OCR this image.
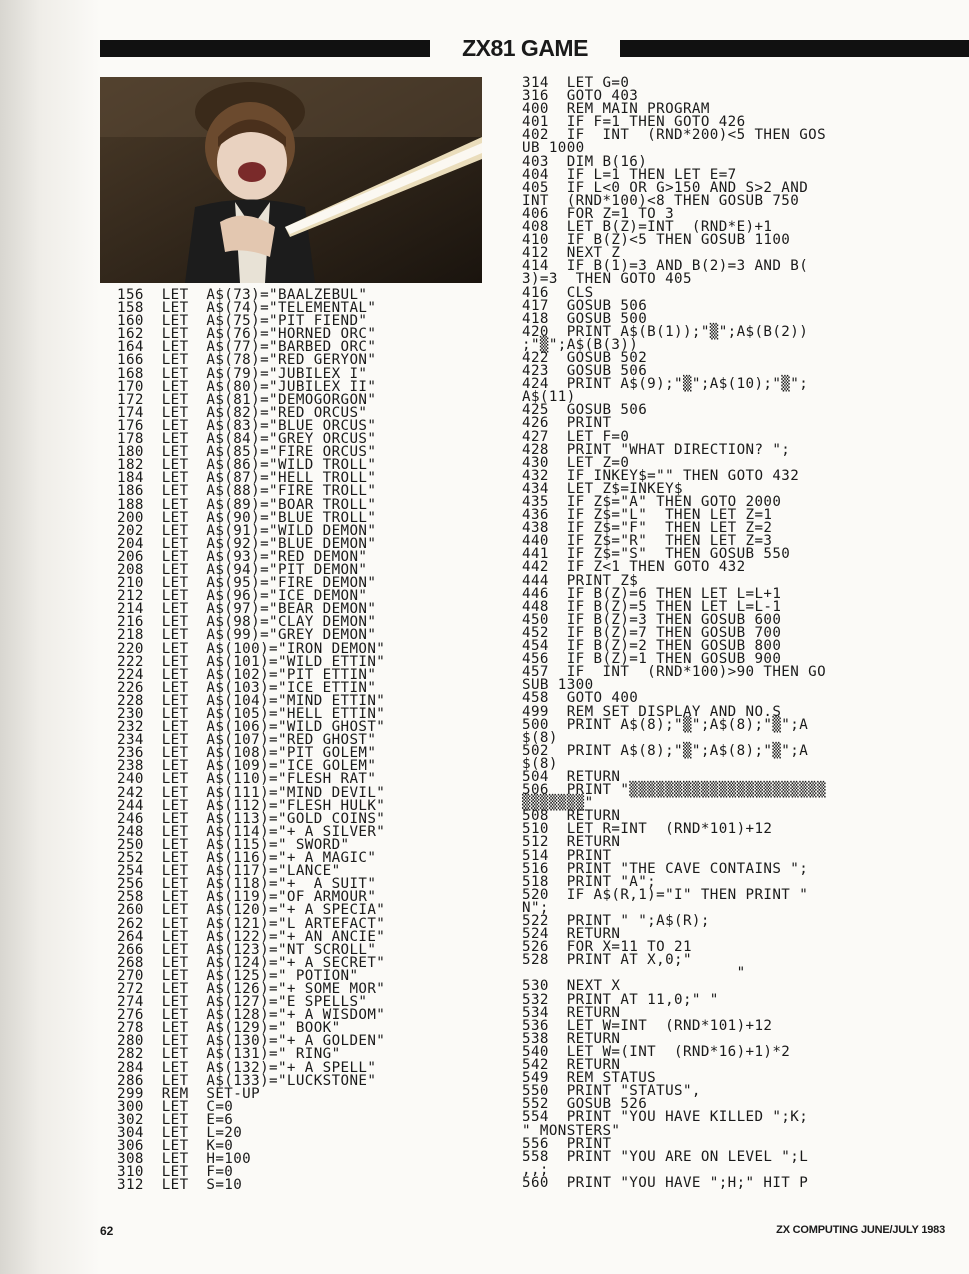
ZX81 GAME
156  LET  A$(73)="BAALZEBUL"
158  LET  A$(74)="TELEMENTAL"
160  LET  A$(75)="PIT FIEND"
162  LET  A$(76)="HORNED ORC"
164  LET  A$(77)="BARBED ORC"
166  LET  A$(78)="RED GERYON"
168  LET  A$(79)="JUBILEX I"
170  LET  A$(80)="JUBILEX II"
172  LET  A$(81)="DEMOGORGON"
174  LET  A$(82)="RED ORCUS"
176  LET  A$(83)="BLUE ORCUS"
178  LET  A$(84)="GREY ORCUS"
180  LET  A$(85)="FIRE ORCUS"
182  LET  A$(86)="WILD TROLL"
184  LET  A$(87)="HELL TROLL"
186  LET  A$(88)="FIRE TROLL"
188  LET  A$(89)="BOAR TROLL"
200  LET  A$(90)="BLUE TROLL"
202  LET  A$(91)="WILD DEMON"
204  LET  A$(92)="BLUE DEMON"
206  LET  A$(93)="RED DEMON"
208  LET  A$(94)="PIT DEMON"
210  LET  A$(95)="FIRE DEMON"
212  LET  A$(96)="ICE DEMON"
214  LET  A$(97)="BEAR DEMON"
216  LET  A$(98)="CLAY DEMON"
218  LET  A$(99)="GREY DEMON"
220  LET  A$(100)="IRON DEMON"
222  LET  A$(101)="WILD ETTIN"
224  LET  A$(102)="PIT ETTIN"
226  LET  A$(103)="ICE ETTIN"
228  LET  A$(104)="MIND ETTIN"
230  LET  A$(105)="HELL ETTIN"
232  LET  A$(106)="WILD GHOST"
234  LET  A$(107)="RED GHOST"
236  LET  A$(108)="PIT GOLEM"
238  LET  A$(109)="ICE GOLEM"
240  LET  A$(110)="FLESH RAT"
242  LET  A$(111)="MIND DEVIL"
244  LET  A$(112)="FLESH HULK"
246  LET  A$(113)="GOLD COINS"
248  LET  A$(114)="+ A SILVER"
250  LET  A$(115)=" SWORD"
252  LET  A$(116)="+ A MAGIC"
254  LET  A$(117)="LANCE"
256  LET  A$(118)="+  A SUIT"
258  LET  A$(119)="OF ARMOUR"
260  LET  A$(120)="+ A SPECIA"
262  LET  A$(121)="L ARTEFACT"
264  LET  A$(122)="+ AN ANCIE"
266  LET  A$(123)="NT SCROLL"
268  LET  A$(124)="+ A SECRET"
270  LET  A$(125)=" POTION"
272  LET  A$(126)="+ SOME MOR"
274  LET  A$(127)="E SPELLS"
276  LET  A$(128)="+ A WISDOM"
278  LET  A$(129)=" BOOK"
280  LET  A$(130)="+ A GOLDEN"
282  LET  A$(131)=" RING"
284  LET  A$(132)="+ A SPELL"
286  LET  A$(133)="LUCKSTONE"
299  REM  SET-UP
300  LET  C=0
302  LET  E=6
304  LET  L=20
306  LET  K=0
308  LET  H=100
310  LET  F=0
312  LET  S=10
314  LET G=0
316  GOTO 403
400  REM MAIN PROGRAM
401  IF F=1 THEN GOTO 426
402  IF  INT  (RND*200)<5 THEN GOS
UB 1000
403  DIM B(16)
404  IF L=1 THEN LET E=7
405  IF L<0 OR G>150 AND S>2 AND
INT  (RND*100)<8 THEN GOSUB 750
406  FOR Z=1 TO 3
408  LET B(Z)=INT  (RND*E)+1
410  IF B(Z)<5 THEN GOSUB 1100
412  NEXT Z
414  IF B(1)=3 AND B(2)=3 AND B(
3)=3  THEN GOTO 405
416  CLS
417  GOSUB 506
418  GOSUB 500
420  PRINT A$(B(1));"▒";A$(B(2))
;"▒";A$(B(3))
422  GOSUB 502
423  GOSUB 506
424  PRINT A$(9);"▒";A$(10);"▒";
A$(11)
425  GOSUB 506
426  PRINT
427  LET F=0
428  PRINT "WHAT DIRECTION? ";
430  LET Z=0
432  IF INKEY$="" THEN GOTO 432
434  LET Z$=INKEY$
435  IF Z$="A" THEN GOTO 2000
436  IF Z$="L"  THEN LET Z=1
438  IF Z$="F"  THEN LET Z=2
440  IF Z$="R"  THEN LET Z=3
441  IF Z$="S"  THEN GOSUB 550
442  IF Z<1 THEN GOTO 432
444  PRINT Z$
446  IF B(Z)=6 THEN LET L=L+1
448  IF B(Z)=5 THEN LET L=L-1
450  IF B(Z)=3 THEN GOSUB 600
452  IF B(Z)=7 THEN GOSUB 700
454  IF B(Z)=2 THEN GOSUB 800
456  IF B(Z)=1 THEN GOSUB 900
457  IF  INT  (RND*100)>90 THEN GO
SUB 1300
458  GOTO 400
499  REM SET DISPLAY AND NO.S
500  PRINT A$(8);"▒";A$(8);"▒";A
$(8)
502  PRINT A$(8);"▒";A$(8);"▒";A
$(8)
504  RETURN
506  PRINT "▒▒▒▒▒▒▒▒▒▒▒▒▒▒▒▒▒▒▒▒▒▒
▒▒▒▒▒▒▒"
508  RETURN
510  LET R=INT  (RND*101)+12
512  RETURN
514  PRINT
516  PRINT "THE CAVE CONTAINS ";
518  PRINT "A";
520  IF A$(R,1)="I" THEN PRINT "
N";
522  PRINT " ";A$(R);
524  RETURN
526  FOR X=11 TO 21
528  PRINT AT X,0;"
"
530  NEXT X
532  PRINT AT 11,0;" "
534  RETURN
536  LET W=INT  (RND*101)+12
538  RETURN
540  LET W=(INT  (RND*16)+1)*2
542  RETURN
549  REM STATUS
550  PRINT "STATUS",
552  GOSUB 526
554  PRINT "YOU HAVE KILLED ";K;
" MONSTERS"
556  PRINT
558  PRINT "YOU ARE ON LEVEL ";L
,,;
560  PRINT "YOU HAVE ";H;" HIT P
62	ZX COMPUTING JUNE/JULY 1983
